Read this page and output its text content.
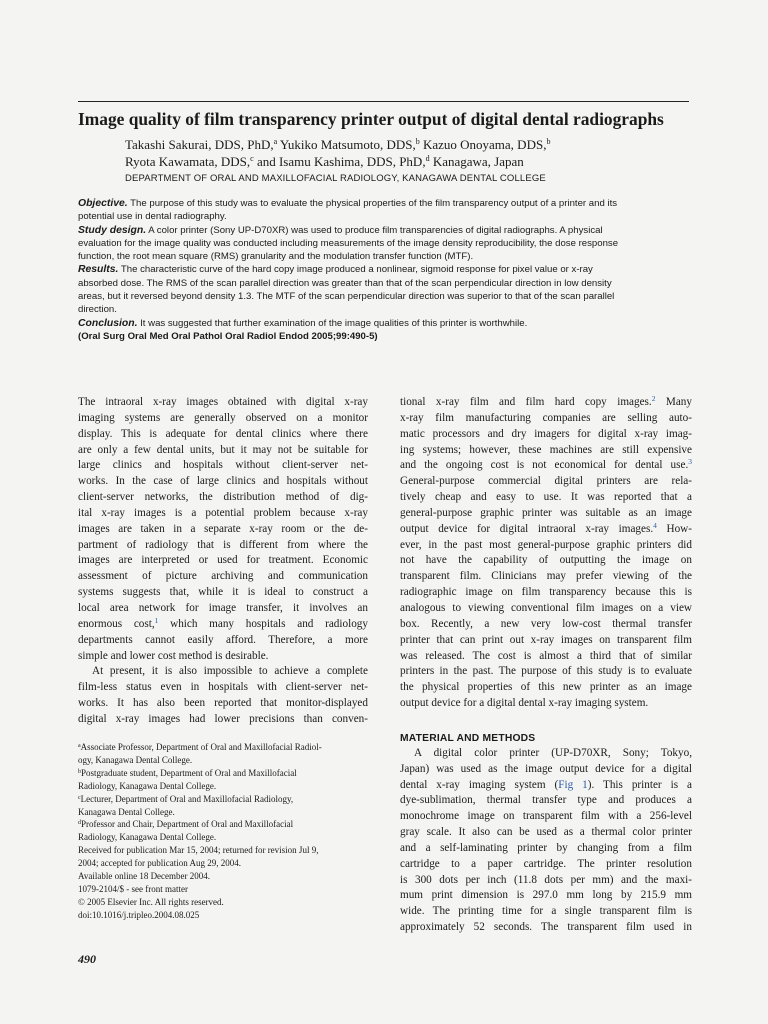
Image quality of film transparency printer output of digital dental radiographs
Takashi Sakurai, DDS, PhD,$^a$ Yukiko Matsumoto, DDS,$^b$ Kazuo Onoyama, DDS,$^b$
Ryota Kawamata, DDS,$^c$ and Isamu Kashima, DDS, PhD,$^d$ Kanagawa, Japan
DEPARTMENT OF ORAL AND MAXILLOFACIAL RADIOLOGY, KANAGAWA DENTAL COLLEGE
Objective. The purpose of this study was to evaluate the physical properties of the film transparency output of a printer and its
potential use in dental radiography.
Study design. A color printer (Sony UP-D70XR) was used to produce film transparencies of digital radiographs. A physical
evaluation for the image quality was conducted including measurements of the image density reproducibility, the dose response
function, the root mean square (RMS) granularity and the modulation transfer function (MTF).
Results. The characteristic curve of the hard copy image produced a nonlinear, sigmoid response for pixel value or x-ray
absorbed dose. The RMS of the scan parallel direction was greater than that of the scan perpendicular direction in low density
areas, but it reversed beyond density 1.3. The MTF of the scan perpendicular direction was superior to that of the scan parallel
direction.
Conclusion. It was suggested that further examination of the image qualities of this printer is worthwhile.
(Oral Surg Oral Med Oral Pathol Oral Radiol Endod 2005;99:490-5)
The intraoral x-ray images obtained with digital x-ray
imaging systems are generally observed on a monitor
display. This is adequate for dental clinics where there
are only a few dental units, but it may not be suitable for
large clinics and hospitals without client-server net-
works. In the case of large clinics and hospitals without
client-server networks, the distribution method of dig-
ital x-ray images is a potential problem because x-ray
images are taken in a separate x-ray room or the de-
partment of radiology that is different from where the
images are interpreted or used for treatment. Economic
assessment of picture archiving and communication
systems suggests that, while it is ideal to construct a
local area network for image transfer, it involves an
enormous cost,$^1$ which many hospitals and radiology
departments cannot easily afford. Therefore, a more
simple and lower cost method is desirable.
At present, it is also impossible to achieve a complete
film-less status even in hospitals with client-server net-
works. It has also been reported that monitor-displayed
digital x-ray images had lower precisions than conven-
tional x-ray film and film hard copy images.$^2$ Many
x-ray film manufacturing companies are selling auto-
matic processors and dry imagers for digital x-ray imag-
ing systems; however, these machines are still expensive
and the ongoing cost is not economical for dental use.$^3$
General-purpose commercial digital printers are rela-
tively cheap and easy to use. It was reported that a
general-purpose graphic printer was suitable as an image
output device for digital intraoral x-ray images.$^4$ How-
ever, in the past most general-purpose graphic printers did
not have the capability of outputting the image on
transparent film. Clinicians may prefer viewing of the
radiographic image on film transparency because this is
analogous to viewing conventional film images on a view
box. Recently, a new very low-cost thermal transfer
printer that can print out x-ray images on transparent film
was released. The cost is almost a third that of similar
printers in the past. The purpose of this study is to evaluate
the physical properties of this new printer as an image
output device for a digital dental x-ray imaging system.
MATERIAL AND METHODS
A digital color printer (UP-D70XR, Sony; Tokyo,
Japan) was used as the image output device for a digital
dental x-ray imaging system (Fig 1). This printer is a
dye-sublimation, thermal transfer type and produces a
monochrome image on transparent film with a 256-level
gray scale. It also can be used as a thermal color printer
and a self-laminating printer by changing from a film
cartridge to a paper cartridge. The printer resolution
is 300 dots per inch (11.8 dots per mm) and the maxi-
mum print dimension is 297.0 mm long by 215.9 mm
wide. The printing time for a single transparent film is
approximately 52 seconds. The transparent film used in
$^a$Associate Professor, Department of Oral and Maxillofacial Radiol-
ogy, Kanagawa Dental College.
$^b$Postgraduate student, Department of Oral and Maxillofacial
Radiology, Kanagawa Dental College.
$^c$Lecturer, Department of Oral and Maxillofacial Radiology,
Kanagawa Dental College.
$^d$Professor and Chair, Department of Oral and Maxillofacial
Radiology, Kanagawa Dental College.
Received for publication Mar 15, 2004; returned for revision Jul 9,
2004; accepted for publication Aug 29, 2004.
Available online 18 December 2004.
1079-2104/$ - see front matter
© 2005 Elsevier Inc. All rights reserved.
doi:10.1016/j.tripleo.2004.08.025
490
